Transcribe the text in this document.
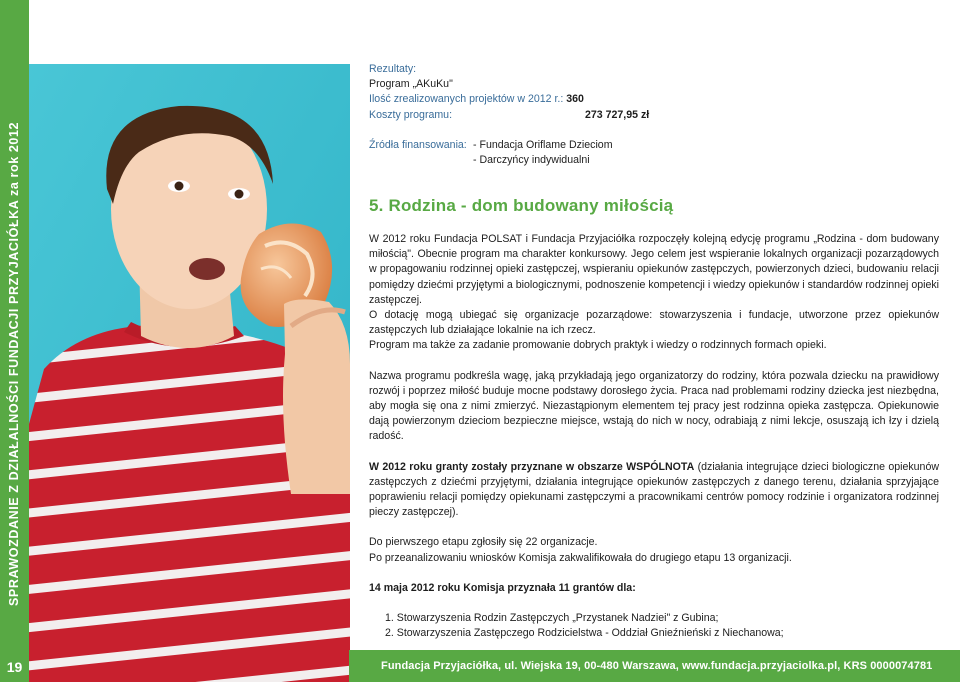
SPRAWOZDANIE Z DZIAŁALNOŚCI FUNDACJI PRZYJACIÓŁKA za rok 2012
19

Rezultaty:

Program „AKuKu"

Ilość zrealizowanych projektów w 2012 r.: 360

Koszty programu:	273 727,95 zł
Źródła finansowania: - Fundacja Oriflame Dzieciom
- Darczyńcy indywidualni
5. Rodzina - dom budowany miłością

W 2012 roku Fundacja POLSAT i Fundacja Przyjaciółka rozpoczęły kolejną edycję programu „Rodzina - dom budowany miłością". Obecnie program ma charakter konkursowy. Jego celem jest wspieranie lokalnych organizacji pozarządowych w propagowaniu rodzinnej opieki zastępczej, wspieraniu opiekunów zastępczych, powierzonych dzieci, budowaniu relacji pomiędzy dziećmi przyjętymi a biologicznymi, podnoszenie kompetencji i wiedzy opiekunów i standardów rodzinnej opieki zastępczej.

O dotację mogą ubiegać się organizacje pozarządowe: stowarzyszenia i fundacje, utworzone przez opiekunów zastępczych lub działające lokalnie na ich rzecz.

Program ma także za zadanie promowanie dobrych praktyk i wiedzy o rodzinnych formach opieki.

Nazwa programu podkreśla wagę, jaką przykładają jego organizatorzy do rodziny, która pozwala dziecku na prawidłowy rozwój i poprzez miłość buduje mocne podstawy dorosłego życia. Praca nad problemami rodziny dziecka jest niezbędna, aby mogła się ona z nimi zmierzyć. Niezastąpionym elementem tej pracy jest rodzinna opieka zastępcza. Opiekunowie dają powierzonym dzieciom bezpieczne miejsce, wstają do nich w nocy, odrabiają z nimi lekcje, osuszają ich łzy i dzielą radość.

W 2012 roku granty zostały przyznane w obszarze WSPÓLNOTA (działania integrujące dzieci biologiczne opiekunów zastępczych z dziećmi przyjętymi, działania integrujące opiekunów zastępczych z danego terenu, działania sprzyjające poprawieniu relacji pomiędzy opiekunami zastępczymi a pracownikami centrów pomocy rodzinie i organizatora rodzinnej pieczy zastępczej).

Do pierwszego etapu zgłosiły się 22 organizacje.

Po przeanalizowaniu wniosków Komisja zakwalifikowała do drugiego etapu 13 organizacji.

14 maja 2012 roku Komisja przyznała 11 grantów dla:

1. Stowarzyszenia Rodzin Zastępczych „Przystanek Nadziei" z Gubina;
2. Stowarzyszenia Zastępczego Rodzicielstwa - Oddział Gnieźnieński z Niechanowa;
Fundacja Przyjaciółka, ul. Wiejska 19, 00-480 Warszawa, www.fundacja.przyjaciolka.pl, KRS 0000074781
